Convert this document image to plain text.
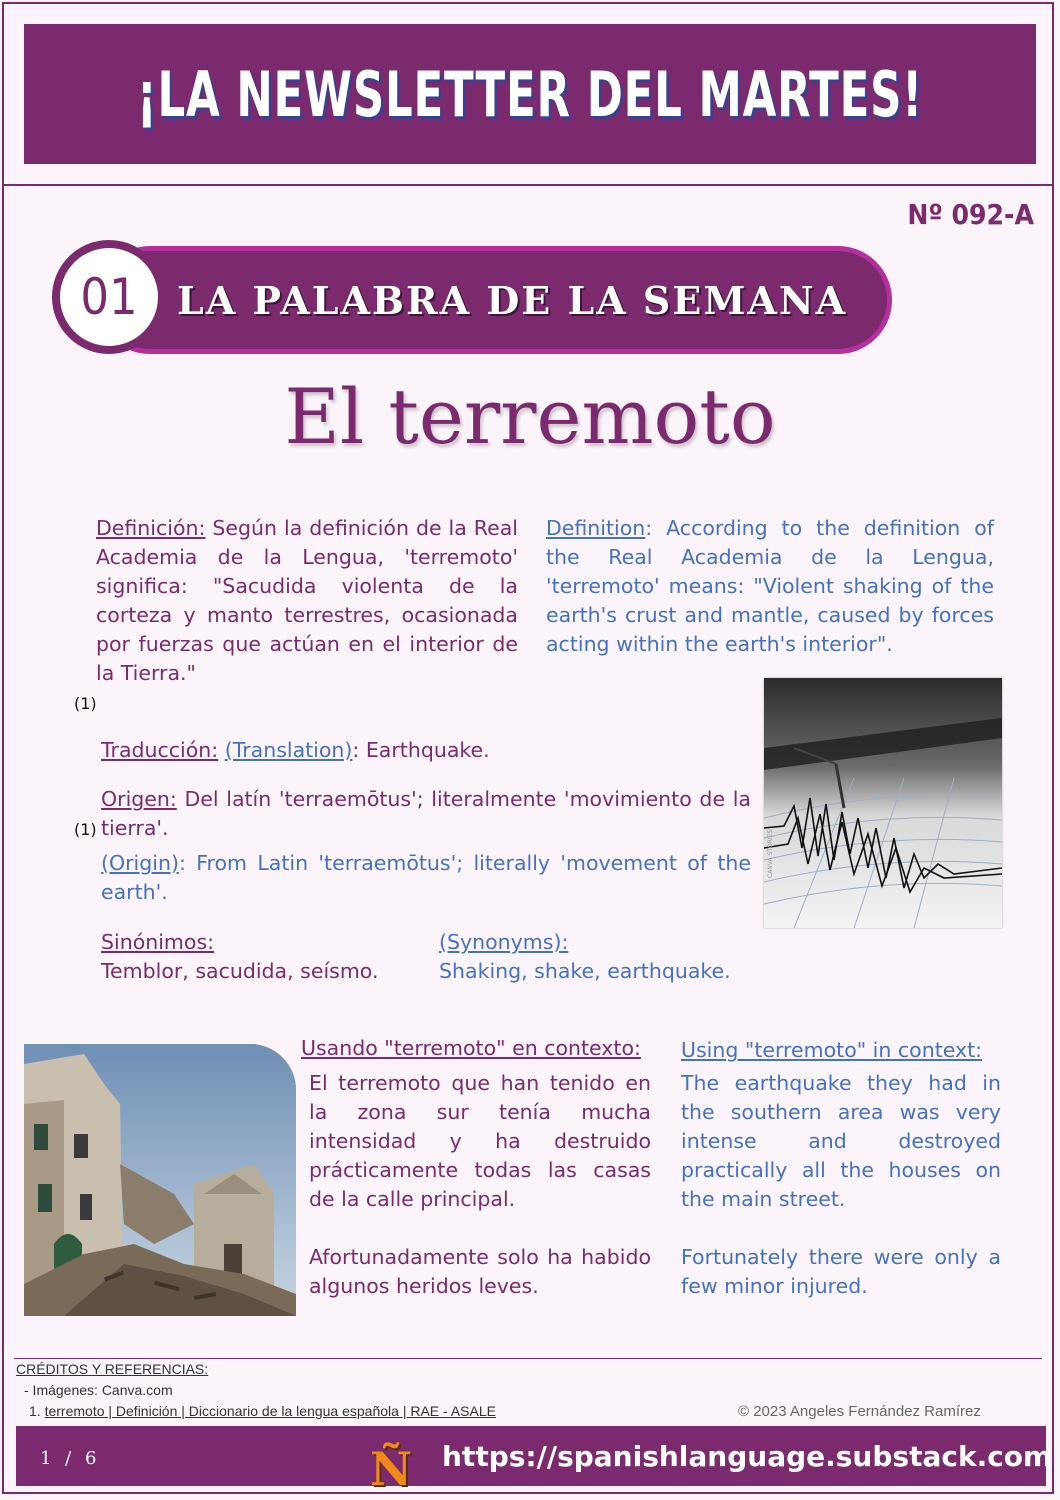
¡LA NEWSLETTER DEL MARTES!
Nº 092-A
LA PALABRA DE LA SEMANA
01
El terremoto
Definición: Según la definición de la Real Academia de la Lengua, 'terremoto' significa: "Sacudida violenta de la corteza y manto terrestres, ocasionada por fuerzas que actúan en el interior de la Tierra."
(1)
Definition: According to the definition of the Real Academia de la Lengua, 'terremoto' means: "Violent shaking of the earth's crust and mantle, caused by forces acting within the earth's interior".
CANVA STORIES
Traducción: (Translation): Earthquake.
Origen: Del latín 'terraemōtus'; literalmente 'movimiento de la tierra'.
(1)
(Origin): From Latin 'terraemōtus'; literally 'movement of the earth'.
Sinónimos:
Temblor, sacudida, seísmo.
(Synonyms):
Shaking, shake, earthquake.
Usando "terremoto" en contexto:
El terremoto que han tenido en la zona sur tenía mucha intensidad y ha destruido prácticamente todas las casas de la calle principal.
Afortunadamente solo ha habido algunos heridos leves.
Using "terremoto" in context:
The earthquake they had in the southern area was very intense and destroyed practically all the houses on the main street.
Fortunately there were only a few minor injured.
CRÉDITOS Y REFERENCIAS:
- Imágenes: Canva.com
1. terremoto | Definición | Diccionario de la lengua española | RAE - ASALE	© 2023 Angeles Fernández Ramírez
1 / 6	Ñ https://spanishlanguage.substack.com
